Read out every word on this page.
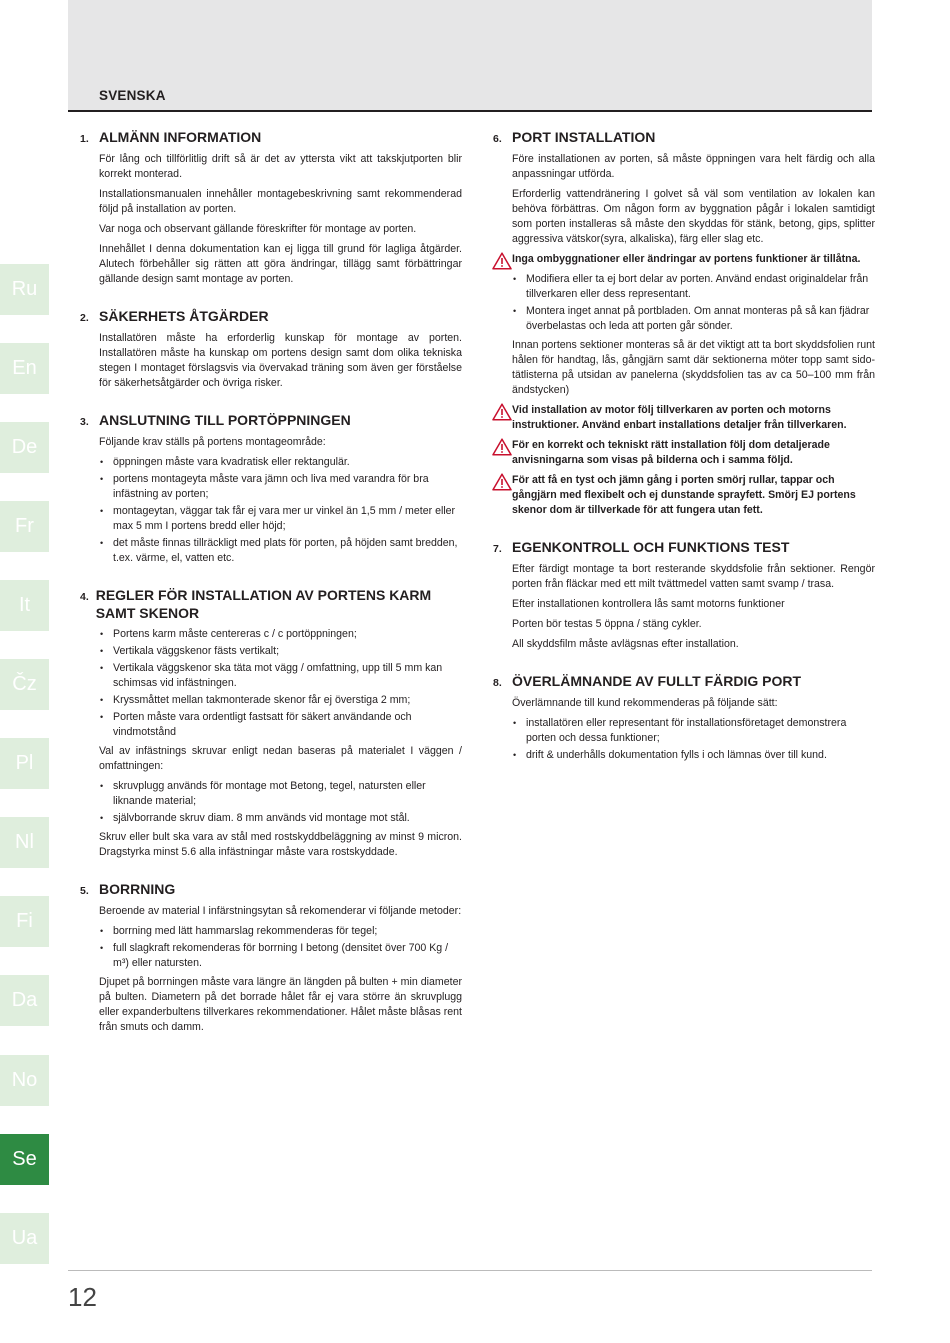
SVENSKA
Ru
En
De
Fr
It
Čz
Pl
Nl
Fi
Da
No
Se
Ua
1. ALMÄNN INFORMATION
För lång och tillförlitlig drift så är det av yttersta vikt att takskjutporten blir korrekt monterad.
Installationsmanualen innehåller montagebeskrivning samt rekommenderad följd på installation av porten.
Var noga och observant gällande föreskrifter för montage av porten.
Innehållet I denna dokumentation kan ej ligga till grund för lagliga åtgärder. Alutech förbehåller sig rätten att göra ändringar, tillägg samt förbättringar gällande design samt montage av porten.
2. SÄKERHETS ÅTGÄRDER
Installatören måste ha erforderlig kunskap för montage av porten. Installatören måste ha kunskap om portens design samt dom olika tekniska stegen I montaget förslagsvis via övervakad träning som även ger förståelse för säkerhetsåtgärder och övriga risker.
3. ANSLUTNING TILL PORTÖPPNINGEN
Följande krav ställs på portens montageområde:
• öppningen måste vara kvadratisk eller rektangulär.
• portens montageyta måste vara jämn och liva med varandra för bra infästning av porten;
• montageytan, väggar tak får ej vara mer ur vinkel än 1,5 mm / meter eller max 5 mm I portens bredd eller höjd;
• det måste finnas tillräckligt med plats för porten, på höjden samt bredden, t.ex. värme, el, vatten etc.
4. REGLER FÖR INSTALLATION AV PORTENS KARM SAMT SKENOR
• Portens karm måste centereras c / c portöppningen;
• Vertikala väggskenor fästs vertikalt;
• Vertikala väggskenor ska täta mot vägg / omfattning, upp till 5 mm kan schimsas vid infästningen.
• Kryssmåttet mellan takmonterade skenor får ej överstiga 2 mm;
• Porten måste vara ordentligt fastsatt för säkert användande och vindmotstånd
Val av infästnings skruvar enligt nedan baseras på materialet I väggen / omfattningen:
• skruvplugg används för montage mot Betong, tegel, natursten eller liknande material;
• självborrande skruv diam. 8 mm används vid montage mot stål.
Skruv eller bult ska vara av stål med rostskyddbeläggning av minst 9 micron. Dragstyrka minst 5.6 alla infästningar måste vara rostskyddade.
5. BORRNING
Beroende av material I infärstningsytan så rekomenderar vi följande metoder:
• borrning med lätt hammarslag rekommenderas för tegel;
• full slagkraft rekomenderas för borrning I betong (densitet över 700 Kg / m³) eller natursten.
Djupet på borrningen måste vara längre än längden på bulten + min diameter på bulten. Diametern på det borrade hålet får ej vara större än skruvplugg eller expanderbultens tillverkares rekommendationer. Hålet måste blåsas rent från smuts och damm.
6. PORT INSTALLATION
Före installationen av porten, så måste öppningen vara helt färdig och alla anpassningar utförda.
Erforderlig vattendränering I golvet så väl som ventilation av lokalen kan behöva förbättras. Om någon form av byggnation pågår i lokalen samtidigt som porten installeras så måste den skyddas för stänk, betong, gips, splitter aggressiva vätskor(syra, alkaliska), färg eller slag etc.
Inga ombyggnationer eller ändringar av portens funktioner är tillåtna.
• Modifiera eller ta ej bort delar av porten. Använd endast originaldelar från tillverkaren eller dess representant.
• Montera inget annat på portbladen. Om annat monteras på så kan fjädrar överbelastas och leda att porten går sönder.
Innan portens sektioner monteras så är det viktigt att ta bort skyddsfolien runt hålen för handtag, lås, gångjärn samt där sektionerna möter topp samt sido-tätlisterna på utsidan av panelerna (skyddsfolien tas av ca 50–100 mm från ändstycken)
Vid installation av motor följ tillverkaren av porten och motorns instruktioner. Använd enbart installations detaljer från tillverkaren.
För en korrekt och tekniskt rätt installation följ dom detaljerade anvisningarna som visas på bilderna och i samma följd.
För att få en tyst och jämn gång i porten smörj rullar, tappar och gångjärn med flexibelt och ej dunstande sprayfett. Smörj EJ portens skenor dom är tillverkade för att fungera utan fett.
7. EGENKONTROLL OCH FUNKTIONS TEST
Efter färdigt montage ta bort resterande skyddsfolie från sektioner. Rengör porten från fläckar med ett milt tvättmedel vatten samt svamp / trasa.
Efter installationen kontrollera lås samt motorns funktioner
Porten bör testas 5 öppna / stäng cykler.
All skyddsfilm måste avlägsnas efter installation.
8. ÖVERLÄMNANDE AV FULLT FÄRDIG PORT
Överlämnande till kund rekommenderas på följande sätt:
• installatören eller representant för installationsföretaget demonstrera porten och dessa funktioner;
• drift & underhålls dokumentation fylls i och lämnas över till kund.
12
